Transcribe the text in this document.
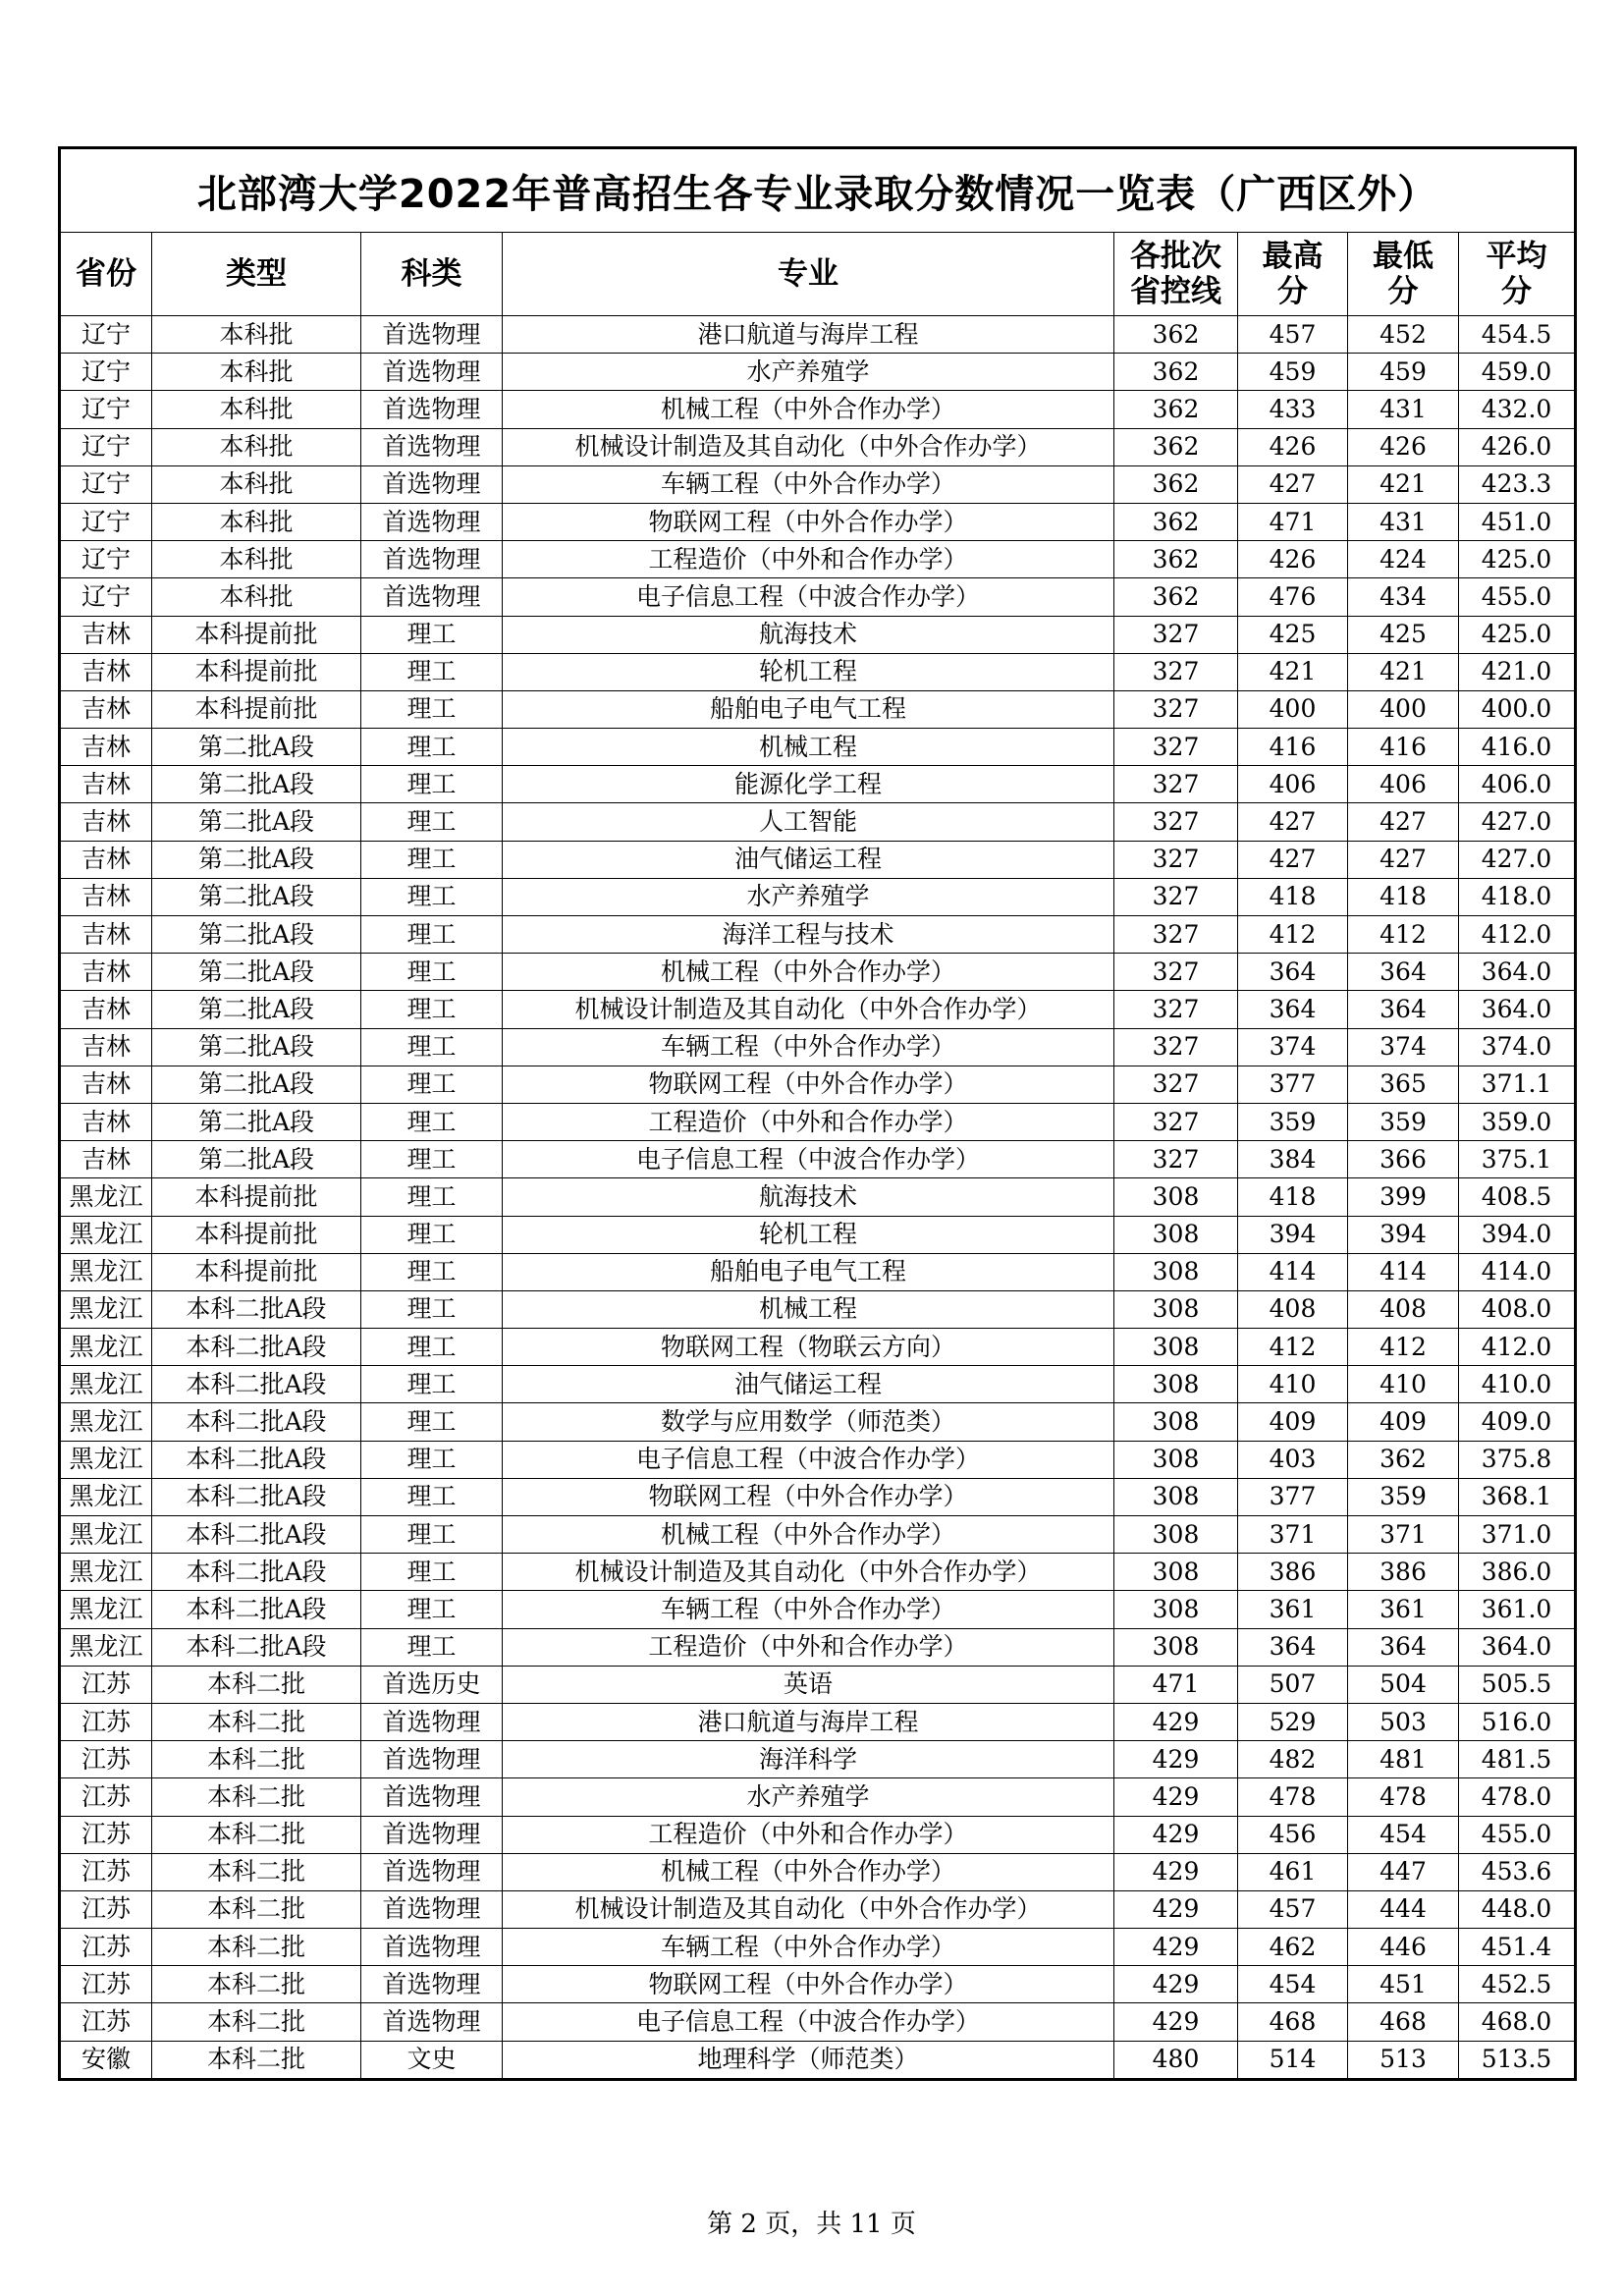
北部湾大学2022年普高招生各专业录取分数情况一览表（广西区外）							
省份	类型	科类	专业	各批次省控线	最高分	最低分	平均分

辽宁	本科批	首选物理	港口航道与海岸工程	362	457	452	454.5
辽宁	本科批	首选物理	水产养殖学	362	459	459	459.0
辽宁	本科批	首选物理	机械工程（中外合作办学）	362	433	431	432.0
辽宁	本科批	首选物理	机械设计制造及其自动化（中外合作办学）	362	426	426	426.0
辽宁	本科批	首选物理	车辆工程（中外合作办学）	362	427	421	423.3
辽宁	本科批	首选物理	物联网工程（中外合作办学）	362	471	431	451.0
辽宁	本科批	首选物理	工程造价（中外和合作办学）	362	426	424	425.0
辽宁	本科批	首选物理	电子信息工程（中波合作办学）	362	476	434	455.0
吉林	本科提前批	理工	航海技术	327	425	425	425.0
吉林	本科提前批	理工	轮机工程	327	421	421	421.0
吉林	本科提前批	理工	船舶电子电气工程	327	400	400	400.0
吉林	第二批A段	理工	机械工程	327	416	416	416.0
吉林	第二批A段	理工	能源化学工程	327	406	406	406.0
吉林	第二批A段	理工	人工智能	327	427	427	427.0
吉林	第二批A段	理工	油气储运工程	327	427	427	427.0
吉林	第二批A段	理工	水产养殖学	327	418	418	418.0
吉林	第二批A段	理工	海洋工程与技术	327	412	412	412.0
吉林	第二批A段	理工	机械工程（中外合作办学）	327	364	364	364.0
吉林	第二批A段	理工	机械设计制造及其自动化（中外合作办学）	327	364	364	364.0
吉林	第二批A段	理工	车辆工程（中外合作办学）	327	374	374	374.0
吉林	第二批A段	理工	物联网工程（中外合作办学）	327	377	365	371.1
吉林	第二批A段	理工	工程造价（中外和合作办学）	327	359	359	359.0
吉林	第二批A段	理工	电子信息工程（中波合作办学）	327	384	366	375.1
黑龙江	本科提前批	理工	航海技术	308	418	399	408.5
黑龙江	本科提前批	理工	轮机工程	308	394	394	394.0
黑龙江	本科提前批	理工	船舶电子电气工程	308	414	414	414.0
黑龙江	本科二批A段	理工	机械工程	308	408	408	408.0
黑龙江	本科二批A段	理工	物联网工程（物联云方向）	308	412	412	412.0
黑龙江	本科二批A段	理工	油气储运工程	308	410	410	410.0
黑龙江	本科二批A段	理工	数学与应用数学（师范类）	308	409	409	409.0
黑龙江	本科二批A段	理工	电子信息工程（中波合作办学）	308	403	362	375.8
黑龙江	本科二批A段	理工	物联网工程（中外合作办学）	308	377	359	368.1
黑龙江	本科二批A段	理工	机械工程（中外合作办学）	308	371	371	371.0
黑龙江	本科二批A段	理工	机械设计制造及其自动化（中外合作办学）	308	386	386	386.0
黑龙江	本科二批A段	理工	车辆工程（中外合作办学）	308	361	361	361.0
黑龙江	本科二批A段	理工	工程造价（中外和合作办学）	308	364	364	364.0
江苏	本科二批	首选历史	英语	471	507	504	505.5
江苏	本科二批	首选物理	港口航道与海岸工程	429	529	503	516.0
江苏	本科二批	首选物理	海洋科学	429	482	481	481.5
江苏	本科二批	首选物理	水产养殖学	429	478	478	478.0
江苏	本科二批	首选物理	工程造价（中外和合作办学）	429	456	454	455.0
江苏	本科二批	首选物理	机械工程（中外合作办学）	429	461	447	453.6
江苏	本科二批	首选物理	机械设计制造及其自动化（中外合作办学）	429	457	444	448.0
江苏	本科二批	首选物理	车辆工程（中外合作办学）	429	462	446	451.4
江苏	本科二批	首选物理	物联网工程（中外合作办学）	429	454	451	452.5
江苏	本科二批	首选物理	电子信息工程（中波合作办学）	429	468	468	468.0
安徽	本科二批	文史	地理科学（师范类）	480	514	513	513.5
第 2 页，共 11 页
